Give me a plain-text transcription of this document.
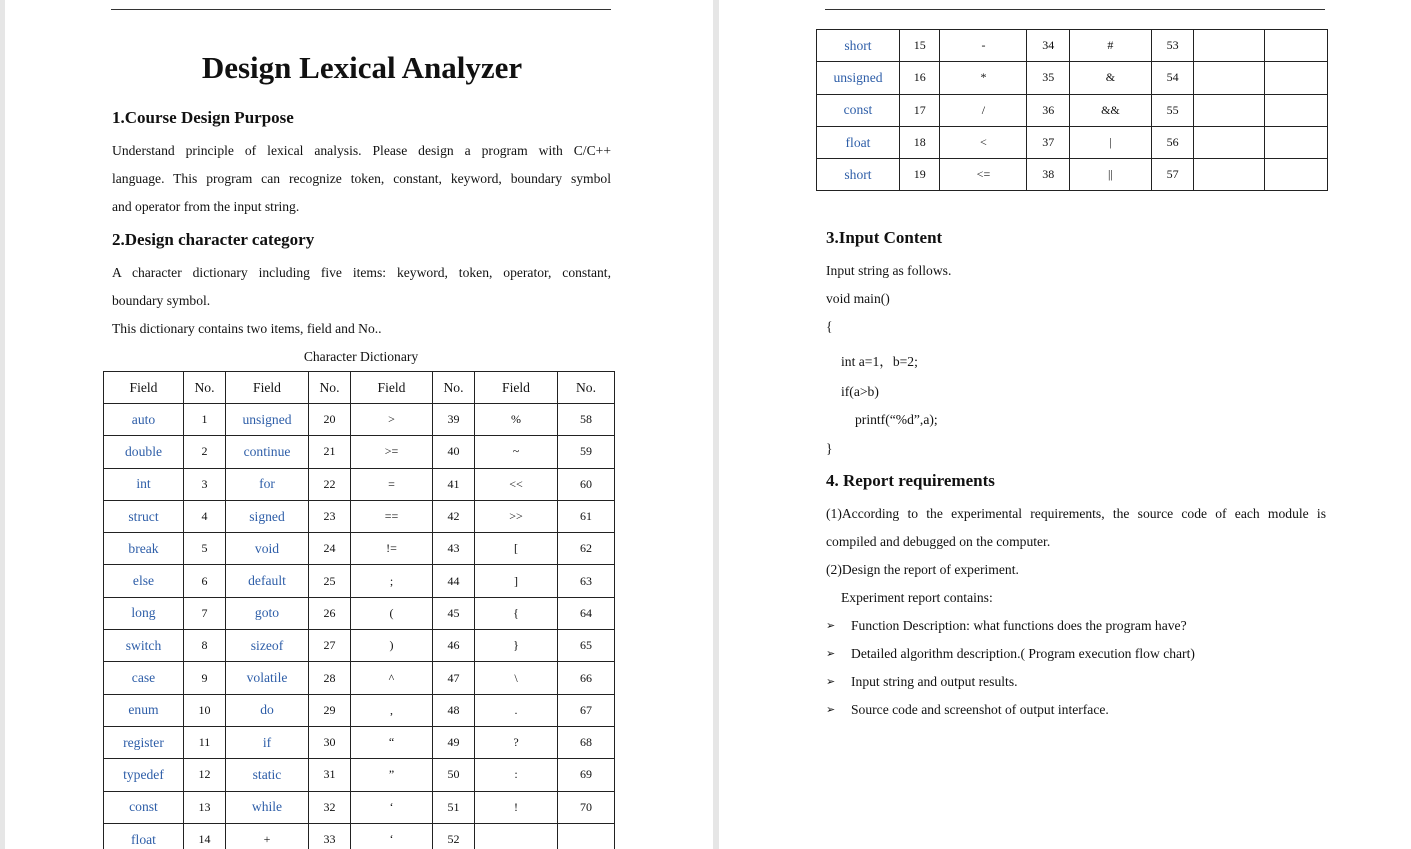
Design Lexical Analyzer
1.Course Design Purpose
Understand principle of lexical analysis. Please design a program with C/C++
language. This program can recognize token, constant, keyword, boundary symbol
and operator from the input string.
2.Design character category
A character dictionary including five items: keyword, token, operator, constant,
boundary symbol.
This dictionary contains two items, field and No..
Character Dictionary
Field	No.	Field	No.	Field	No.	Field	No.
auto	1	unsigned	20	>	39	%	58
double	2	continue	21	>=	40	~	59
int	3	for	22	=	41	<<	60
struct	4	signed	23	==	42	>>	61
break	5	void	24	!=	43	[	62
else	6	default	25	;	44	]	63
long	7	goto	26	(	45	{	64
switch	8	sizeof	27	)	46	}	65
case	9	volatile	28	^	47	\	66
enum	10	do	29	,	48	.	67
register	11	if	30	“	49	?	68
typedef	12	static	31	”	50	:	69
const	13	while	32	‘	51	!	70
float	14	+	33	‘	52		
short	15	-	34	#	53		
unsigned	16	*	35	&	54		
const	17	/	36	&&	55		
float	18	<	37	|	56		
short	19	<=	38	||	57		
3.Input Content
Input string as follows.
void main()
{
int a=1，b=2;
if(a>b)
printf(“%d”,a);
}
4. Report requirements
(1)According to the experimental requirements, the source code of each module is
compiled and debugged on the computer.
(2)Design the report of experiment.
Experiment report contains:
➢ Function Description: what functions does the program have?
➢ Detailed algorithm description.( Program execution flow chart)
➢ Input string and output results.
➢ Source code and screenshot of output interface.
